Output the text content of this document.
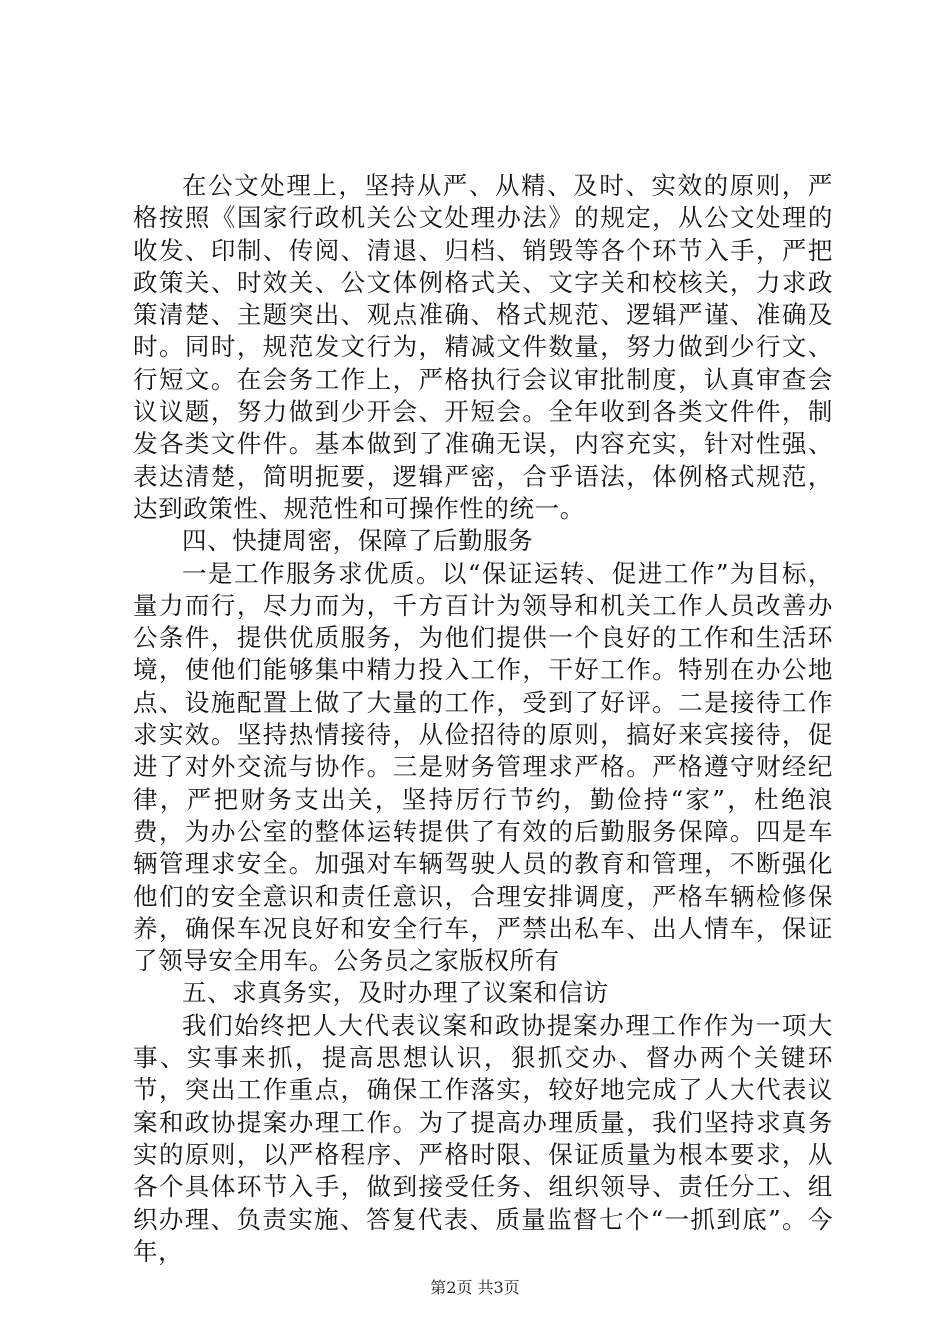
在公文处理上，坚持从严、从精、及时、实效的原则，严格按照《国家行政机关公文处理办法》的规定，从公文处理的收发、印制、传阅、清退、归档、销毁等各个环节入手，严把政策关、时效关、公文体例格式关、文字关和校核关，力求政策清楚、主题突出、观点准确、格式规范、逻辑严谨、准确及时。同时，规范发文行为，精减文件数量，努力做到少行文、行短文。在会务工作上，严格执行会议审批制度，认真审查会议议题，努力做到少开会、开短会。全年收到各类文件件，制发各类文件件。基本做到了准确无误，内容充实，针对性强、表达清楚，简明扼要，逻辑严密，合乎语法，体例格式规范，达到政策性、规范性和可操作性的统一。

四、快捷周密，保障了后勤服务

一是工作服务求优质。以“保证运转、促进工作”为目标，量力而行，尽力而为，千方百计为领导和机关工作人员改善办公条件，提供优质服务，为他们提供一个良好的工作和生活环境，使他们能够集中精力投入工作，干好工作。特别在办公地点、设施配置上做了大量的工作，受到了好评。二是接待工作求实效。坚持热情接待，从俭招待的原则，搞好来宾接待，促进了对外交流与协作。三是财务管理求严格。严格遵守财经纪律，严把财务支出关，坚持厉行节约，勤俭持“家”，杜绝浪费，为办公室的整体运转提供了有效的后勤服务保障。四是车辆管理求安全。加强对车辆驾驶人员的教育和管理，不断强化他们的安全意识和责任意识，合理安排调度，严格车辆检修保养，确保车况良好和安全行车，严禁出私车、出人情车，保证了领导安全用车。公务员之家版权所有

五、求真务实，及时办理了议案和信访

我们始终把人大代表议案和政协提案办理工作作为一项大事、实事来抓，提高思想认识，狠抓交办、督办两个关键环节，突出工作重点，确保工作落实，较好地完成了人大代表议案和政协提案办理工作。为了提高办理质量，我们坚持求真务实的原则，以严格程序、严格时限、保证质量为根本要求，从各个具体环节入手，做到接受任务、组织领导、责任分工、组织办理、负责实施、答复代表、质量监督七个“一抓到底”。今年，

第2页 共3页
